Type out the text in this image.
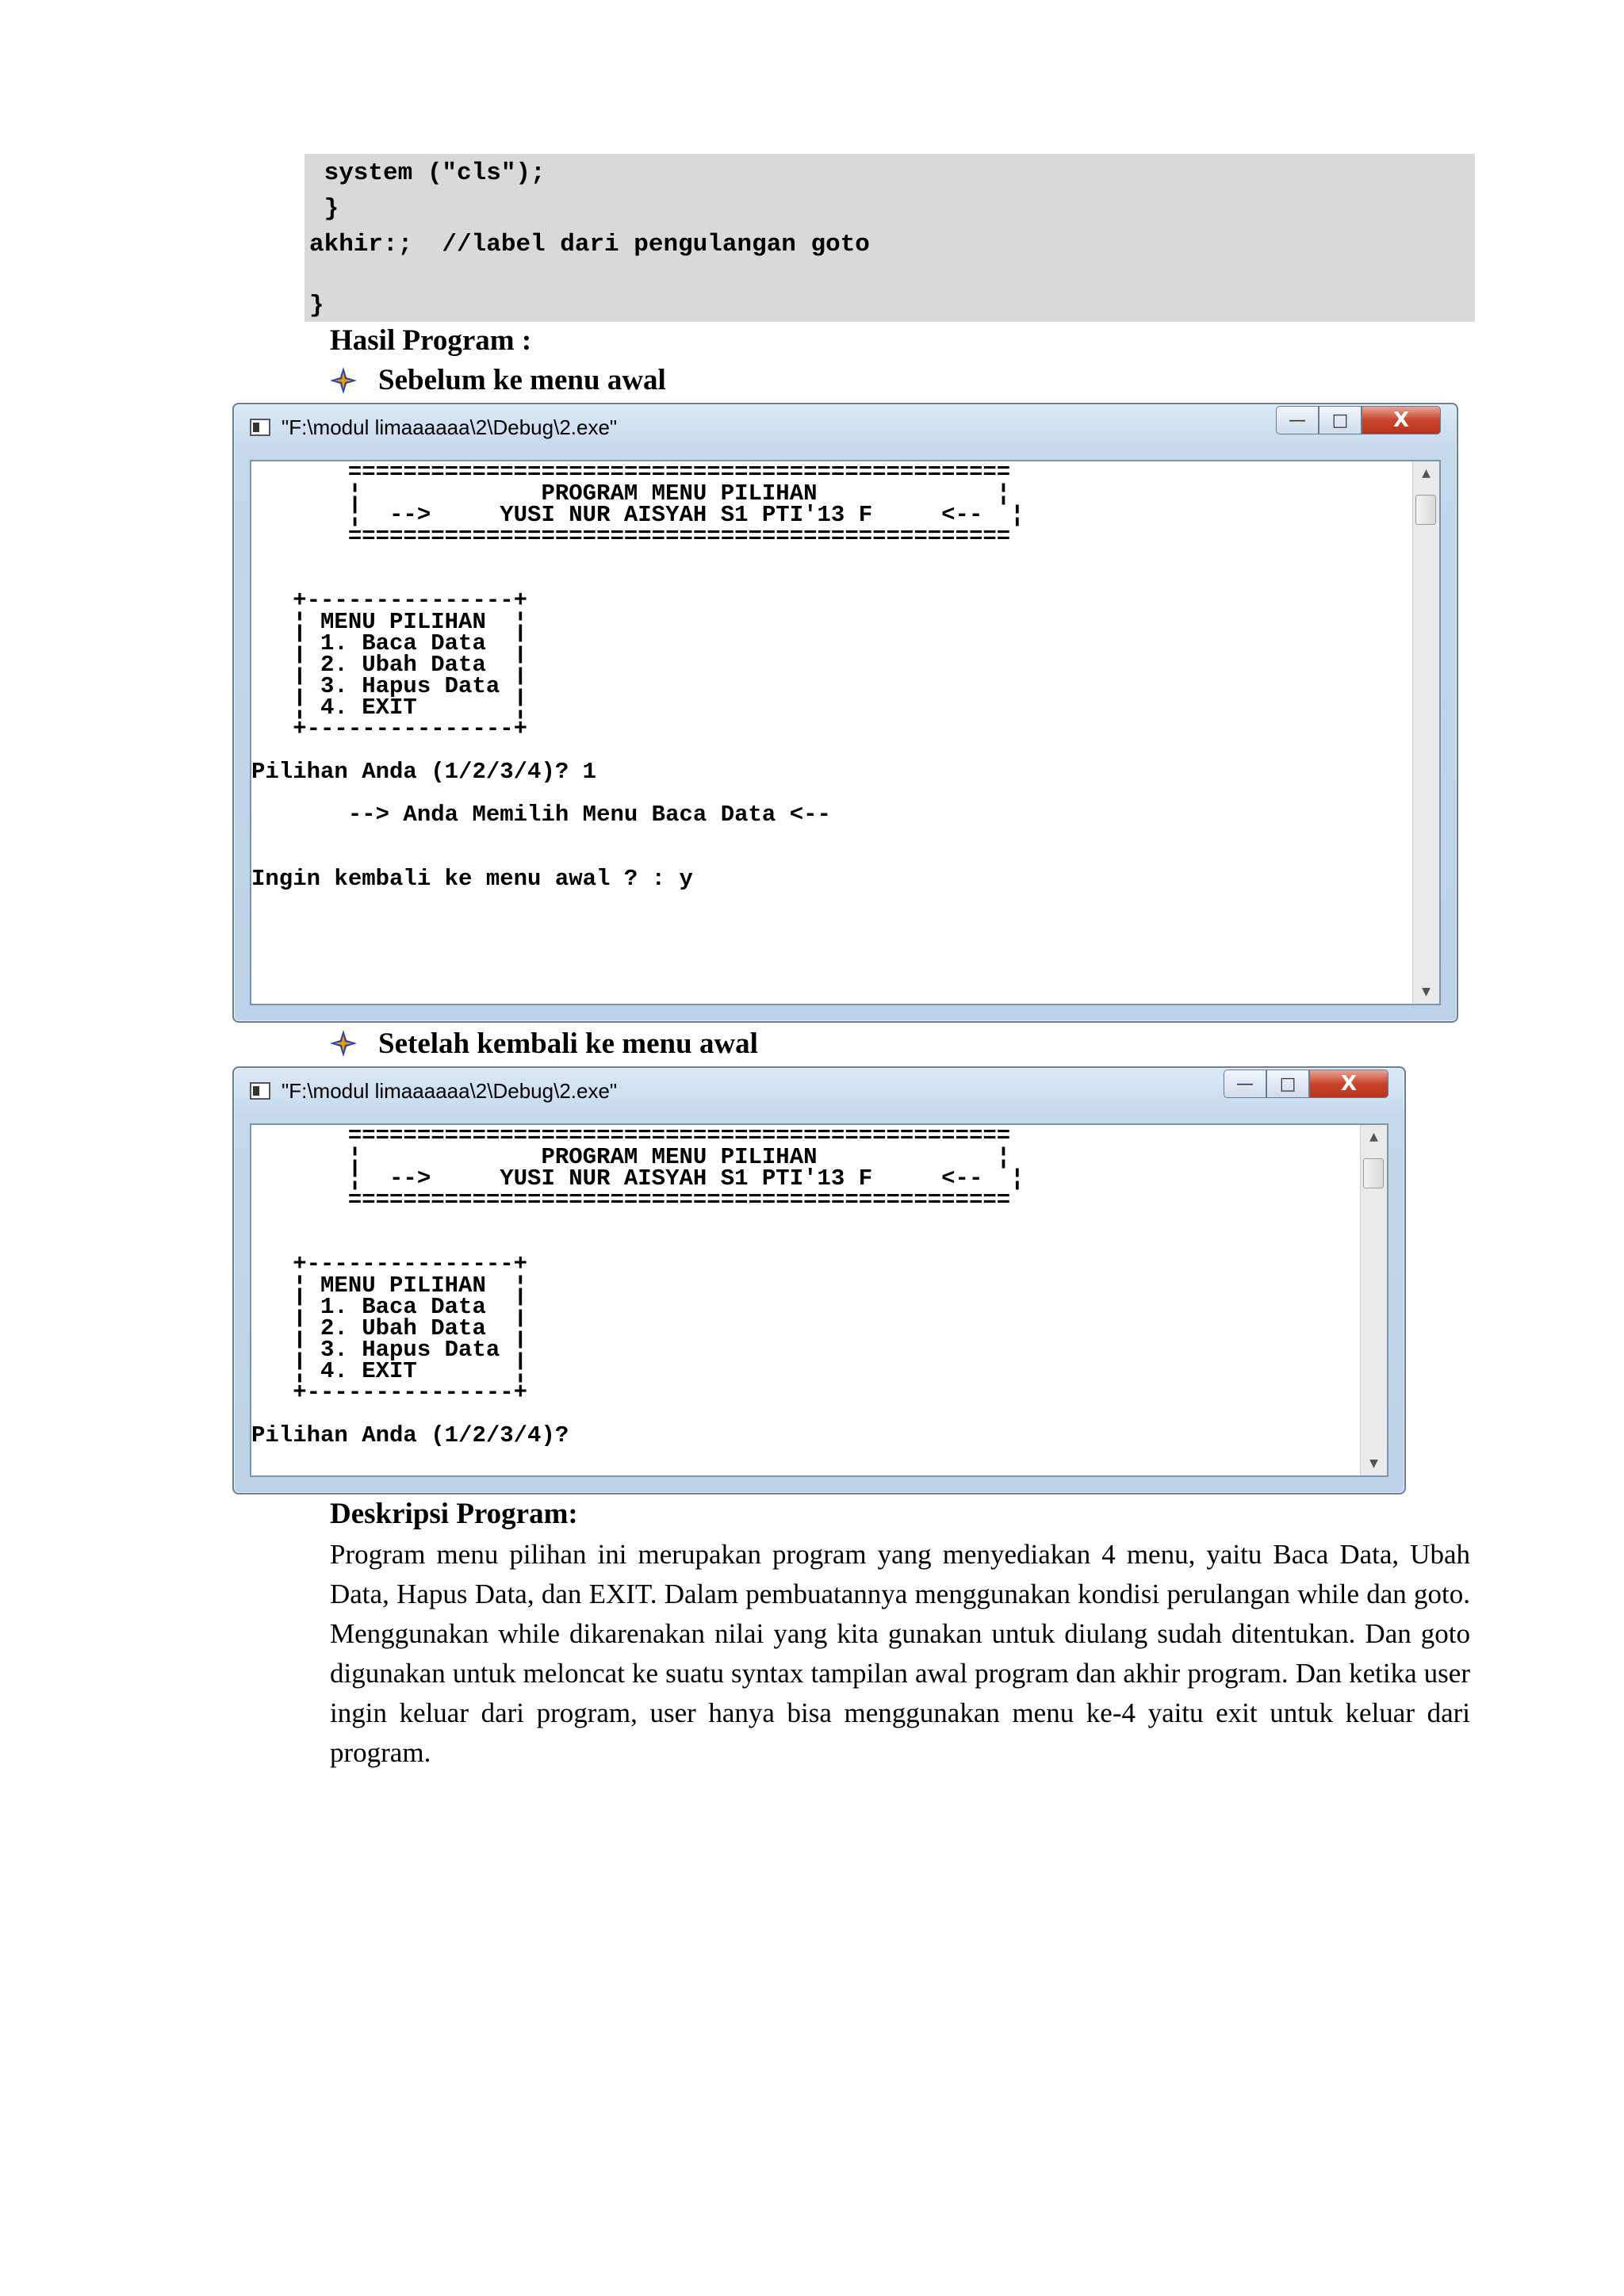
system ("cls");
}
akhir:;  //label dari pengulangan goto
}
Hasil Program :
Sebelum ke menu awal
"F:\modul limaaaaaa\2\Debug\2.exe"	—	□	X
================================================
¦             PROGRAM MENU PILIHAN             ¦
¦  -->     YUSI NUR AISYAH S1 PTI'13 F     <--  ¦
================================================

+---------------+
¦ MENU PILIHAN  ¦
¦ 1. Baca Data  ¦
¦ 2. Ubah Data  ¦
¦ 3. Hapus Data ¦
¦ 4. EXIT       ¦
+---------------+

Pilihan Anda (1/2/3/4)? 1

--> Anda Memilih Menu Baca Data <--

Ingin kembali ke menu awal ? : y
▲
▼
Setelah kembali ke menu awal
"F:\modul limaaaaaa\2\Debug\2.exe"	—	□	X
================================================
¦             PROGRAM MENU PILIHAN             ¦
¦  -->     YUSI NUR AISYAH S1 PTI'13 F     <--  ¦
================================================

+---------------+
¦ MENU PILIHAN  ¦
¦ 1. Baca Data  ¦
¦ 2. Ubah Data  ¦
¦ 3. Hapus Data ¦
¦ 4. EXIT       ¦
+---------------+

Pilihan Anda (1/2/3/4)?
▲
▼
Deskripsi Program:
Program menu pilihan ini merupakan program yang menyediakan 4 menu, yaitu Baca Data, Ubah Data, Hapus Data, dan EXIT. Dalam pembuatannya menggunakan kondisi perulangan while dan goto. Menggunakan while dikarenakan nilai yang kita gunakan untuk diulang sudah ditentukan. Dan goto digunakan untuk meloncat ke suatu syntax tampilan awal program dan akhir program. Dan ketika user ingin keluar dari program, user hanya bisa menggunakan menu ke-4 yaitu exit untuk keluar dari program.
